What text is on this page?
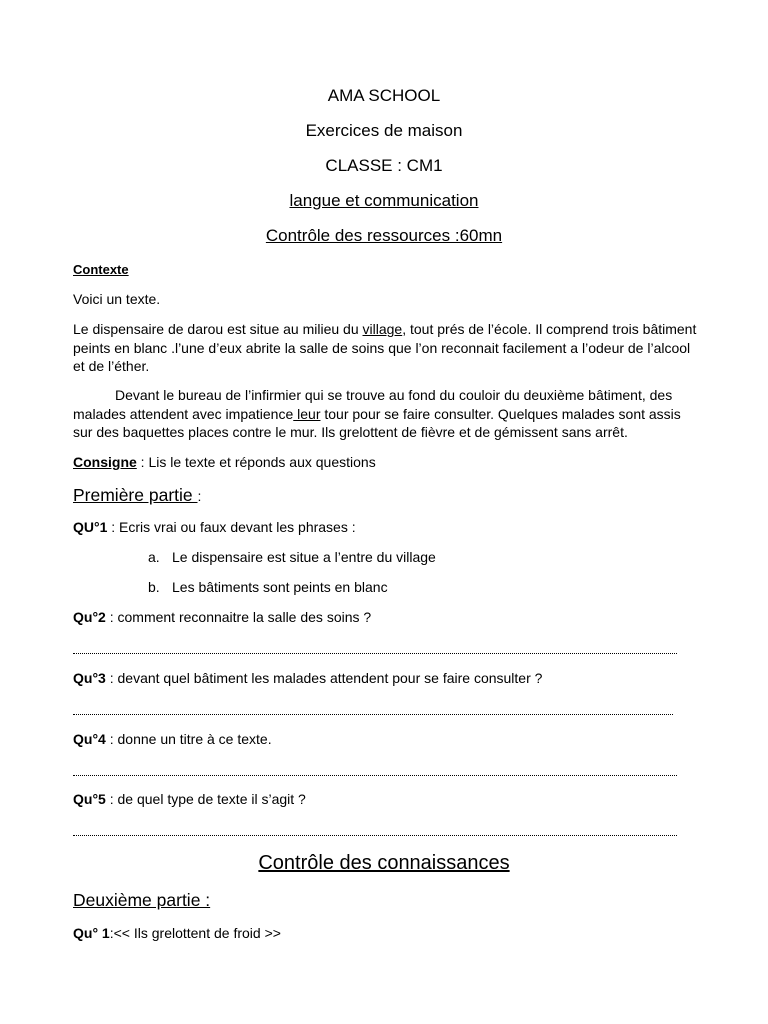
AMA SCHOOL

Exercices de maison

CLASSE : CM1

langue et communication

Contrôle des ressources :60mn

Contexte

Voici un texte.

Le dispensaire de darou est situe au milieu du village, tout prés de l’école. Il comprend trois bâtiment peints en blanc .l’une d’eux abrite la salle de soins que l’on reconnait facilement a l’odeur de l’alcool et de l’éther.

Devant le bureau de l’infirmier qui se trouve au fond du couloir du deuxième bâtiment, des malades attendent avec impatience leur tour pour se faire consulter. Quelques malades sont assis sur des baquettes places contre le mur. Ils grelottent de fièvre et de gémissent sans arrêt.

Consigne : Lis le texte et réponds aux questions

Première partie :

QU°1 : Ecris vrai ou faux devant les phrases :

a. Le dispensaire est situe a l’entre du village

b. Les bâtiments sont peints en blanc

Qu°2 : comment reconnaitre la salle des soins ?

Qu°3 : devant quel bâtiment les malades attendent pour se faire consulter ?

Qu°4 : donne un titre à ce texte.

Qu°5 : de quel type de texte il s’agit ?

Contrôle des connaissances

Deuxième partie :

Qu° 1:<< Ils grelottent de froid >>
